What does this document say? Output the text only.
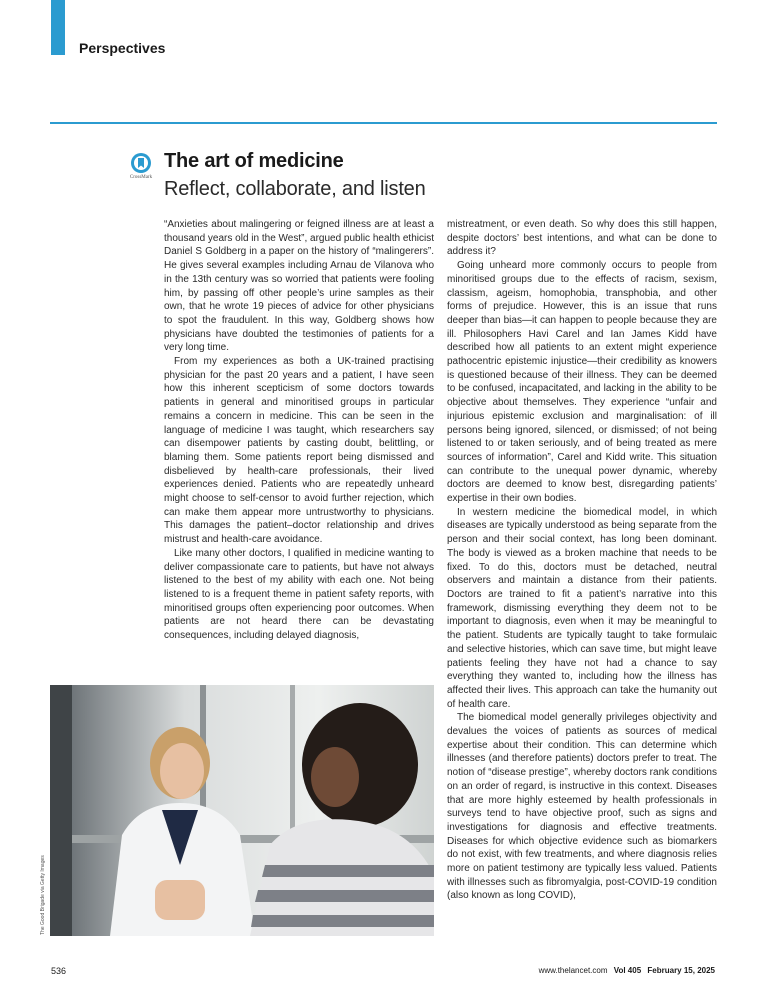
Perspectives
CrossMark
The art of medicine
Reflect, collaborate, and listen

“Anxieties about malingering or feigned illness are at least a thousand years old in the West”, argued public health ethicist Daniel S Goldberg in a paper on the history of “malingerers”. He gives several examples including Arnau de Vilanova who in the 13th century was so worried that patients were fooling him, by passing off other people’s urine samples as their own, that he wrote 19 pieces of advice for other physicians to spot the fraudulent. In this way, Goldberg shows how physicians have doubted the testimonies of patients for a very long time.

From my experiences as both a UK-trained practising physician for the past 20 years and a patient, I have seen how this inherent scepticism of some doctors towards patients in general and minoritised groups in particular remains a concern in medicine. This can be seen in the language of medicine I was taught, which researchers say can disempower patients by casting doubt, belittling, or blaming them. Some patients report being dismissed and disbelieved by health-care professionals, their lived experiences denied. Patients who are repeatedly unheard might choose to self-censor to avoid further rejection, which can make them appear more untrustworthy to physicians. This damages the patient–doctor relationship and drives mistrust and health-care avoidance.

Like many other doctors, I qualified in medicine wanting to deliver compassionate care to patients, but have not always listened to the best of my ability with each one. Not being listened to is a frequent theme in patient safety reports, with minoritised groups often experiencing poor outcomes. When patients are not heard there can be devastating consequences, including delayed diagnosis,

mistreatment, or even death. So why does this still happen, despite doctors’ best intentions, and what can be done to address it?

Going unheard more commonly occurs to people from minoritised groups due to the effects of racism, sexism, classism, ageism, homophobia, transphobia, and other forms of prejudice. However, this is an issue that runs deeper than bias—it can happen to people because they are ill. Philosophers Havi Carel and Ian James Kidd have described how all patients to an extent might experience pathocentric epistemic injustice—their credibility as knowers is questioned because of their illness. They can be deemed to be confused, incapacitated, and lacking in the ability to be objective about themselves. They experience “unfair and injurious epistemic exclusion and marginalisation: of ill persons being ignored, silenced, or dismissed; of not being listened to or taken seriously, and of being treated as mere sources of information”, Carel and Kidd write. This situation can contribute to the unequal power dynamic, whereby doctors are deemed to know best, disregarding patients’ expertise in their own bodies.

In western medicine the biomedical model, in which diseases are typically understood as being separate from the person and their social context, has long been dominant. The body is viewed as a broken machine that needs to be fixed. To do this, doctors must be detached, neutral observers and maintain a distance from their patients. Doctors are trained to fit a patient’s narrative into this framework, dismissing everything they deem not to be important to diagnosis, even when it may be meaningful to the patient. Students are typically taught to take formulaic and selective histories, which can save time, but might leave patients feeling they have not had a chance to say everything they wanted to, including how the illness has affected their lives. This approach can take the humanity out of health care.

The biomedical model generally privileges objectivity and devalues the voices of patients as sources of medical expertise about their condition. This can determine which illnesses (and therefore patients) doctors prefer to treat. The notion of “disease prestige”, whereby doctors rank conditions on an order of regard, is instructive in this context. Diseases that are more highly esteemed by health professionals in surveys tend to have objective proof, such as signs and investigations for diagnosis and effective treatments. Diseases for which objective evidence such as biomarkers do not exist, with few treatments, and where diagnosis relies more on patient testimony are typically less valued. Patients with illnesses such as fibromyalgia, post-COVID-19 condition (also known as long COVID),

The Good Brigade via Getty Images
536	www.thelancet.com Vol 405 February 15, 2025
